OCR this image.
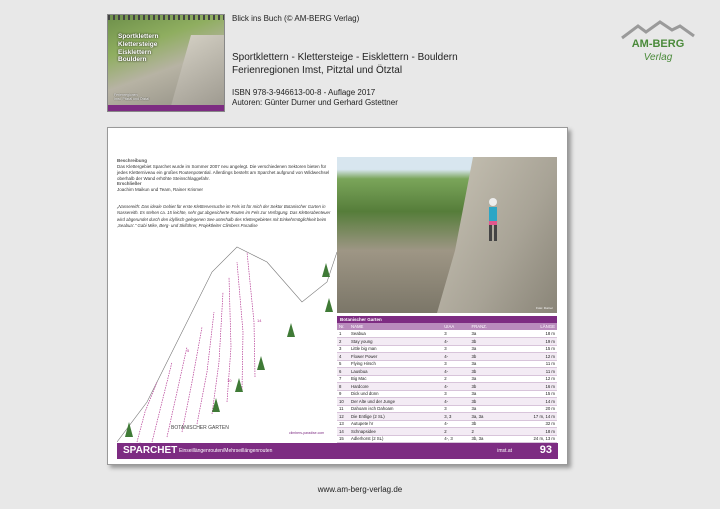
Sportklettern
Klettersteige
Eisklettern
Bouldern
Ferienregionen
Imst, Pitztal und Ötztal
Blick ins Buch (© AM-BERG Verlag)
Sportklettern - Klettersteige - Eisklettern - Bouldern
Ferienregionen Imst, Pitztal und Ötztal
ISBN 978-3-946613-00-8 - Auflage 2017
Autoren: Günter Durner und Gerhard Gstettner
AM-BERG
Verlag
Beschreibung
Das Klettergebiet Sparchet wurde im Sommer 2007 neu angelegt. Die verschiedenen Sektoren bieten für jedes Kletterniveau ein großes Routenpotential. Allerdings besteht am Sparchet aufgrund von Wildwechsel oberhalb der Wand erhöhte Steinschlaggefahr.
Erschließer
Joachim Maikun und Team, Rainer Krismer
„Nassereith: Das ideale Gebiet für erste Klettterversuche im Fels ist für mich der Sektor Botanischer Garten in Nassereith. Es stehen ca. 15 leichte, sehr gut abgesicherte Routen im Fels zur Verfügung. Das Kletterabenteuer wird abgerundet durch den idyllisch gelegenen See unterhalb des Klettergebietes mit Einkehrmöglichkeit beim ‚Seabua'." Gabi Mike, Berg- und Skiführer, Projektleiter Climbers Paradise
5
10
14
BOTANISCHER GARTEN
Foto: Durner
Botanischer Garten
Nr.	NAME	UIAA	FRANZ.	LÄNGE
1	Seabua	3	3a	18 m
2	Stay young	4-	3b	19 m
3	Little big man	3	3a	15 m
4	Flower Power	4-	3b	12 m
5	Flying Hirsch	3	3a	11 m
6	Lausbua	4-	3b	11 m
7	Big Mac	2	3a	12 m
8	Hardcore	4-	3b	16 m
9	Dick und dünn	3	3a	15 m
10	Der Alte und der Junge	4-	3b	14 m
11	Dahoam isch Dahoam	3	3a	20 m
12	Die Entlige (2 SL)	3, 3	3a, 3a	17 m, 14 m
13	Autupete hr	4-	3b	32 m
14	Schnapsidee	2	2	18 m
15	Adlerhorst (2 SL)	4-, 3	3b, 3a	24 m, 13 m
climbers-paradise.com
SPARCHET Einseillängenrouten/Mehrseillängenrouten	imst.at	93
www.am-berg-verlag.de
